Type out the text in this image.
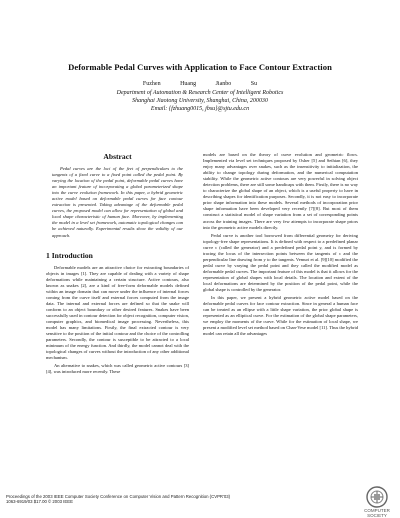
Deformable Pedal Curves with Application to Face Contour Extraction
Fuzhen Huang	Jianbo Su
Department of Automation & Research Center of Intelligent Robotics
Shanghai Jiaotong University, Shanghai, China, 200030
Email: {fzhuang0015, jbsu}@sjtu.edu.cn
Abstract
Pedal curves are the loci of the feet of perpendiculars to the tangents of a fixed curve to a fixed point called the pedal point. By varying the location of the pedal point, deformable pedal curves have an important feature of incorporating a global parameterized shape into the curve evolution framework. In this paper, a hybrid geometric active model based on deformable pedal curves for face contour extraction is presented. Taking advantage of the deformable pedal curves, the proposed model can allow for representation of global and local shape characteristic of human face. Moreover, by implementing the model in a level set framework, automatic topological changes can be achieved naturally. Experimental results show the validity of our approach.
1 Introduction

Deformable models are an attractive choice for extracting boundaries of objects in images [1]. They are capable of dealing with a variety of shape deformations while maintaining a certain structure. Active contours, also known as snakes [2], are a kind of free-form deformable models defined within an image domain that can move under the influence of internal forces coming from the curve itself and external forces computed from the image data. The internal and external forces are defined so that the snake will conform to an object boundary or other desired features. Snakes have been successfully used in contour detection for object recognition, computer vision, computer graphics, and biomedical image processing. Nevertheless, this model has many limitations. Firstly, the final extracted contour is very sensitive to the position of the initial contour and the choice of the controlling parameters. Secondly, the contour is susceptible to be attracted to a local minimum of the energy function. And thirdly, the model cannot deal with the topological changes of curves without the introduction of any other additional mechanism.

An alternative to snakes, which was called geometric active contours [3][4], was introduced more recently. These

models are based on the theory of curve evolution and geometric flows. Implemented via level set techniques proposed by Osher [5] and Sethian [6], they enjoy many advantages over snakes, such as the insensitivity to initialization, the ability to change topology during deformation, and the numerical computation stability. While the geometric active contours are very powerful in solving object detection problems, there are still some handicaps with them. Firstly, there is no way to characterize the global shape of an object, which is a useful property to have in describing shapes for identification purposes. Secondly, it is not easy to incorporate prior shape information into these models. Several methods of incorporation prior shape information have been developed very recently [7][8]. But most of them construct a statistical model of shape variation from a set of corresponding points across the training images. There are very few attempts to incorporate shape priors into the geometric active models directly.

Pedal curve is another tool borrowed from differential geometry for deriving topology-free shape representations. It is defined with respect to a predefined planar curve c (called the generator) and a predefined pedal point y, and is formed by tracing the locus of the intersection points between the tangents of c and the perpendicular line drawing from y to the tangents. Vemuri et al. [9][10] modified the pedal curve by varying the pedal point and they called the modified model as deformable pedal curves. The important feature of this model is that it allows for the representation of global shapes with local details. The location and extent of the local deformations are determined by the position of the pedal point, while the global shape is controlled by the generator.

In this paper, we present a hybrid geometric active model based on the deformable pedal curves for face contour extraction. Since in general a human face can be treated as an ellipse with a little shape variation, the prior global shape is represented as an elliptical curve. For the estimation of the global shape parameters, we employ the moments of the curve. While for the estimation of local shape, we present a modified level set method based on Chan-Vese model [11]. Thus the hybrid model can retain all the advantages

Proceedings of the 2003 IEEE Computer Society Conference on Computer Vision and Pattern Recognition (CVPR'03)
1063-6919/03 $17.00 © 2003 IEEE
COMPUTER SOCIETY
